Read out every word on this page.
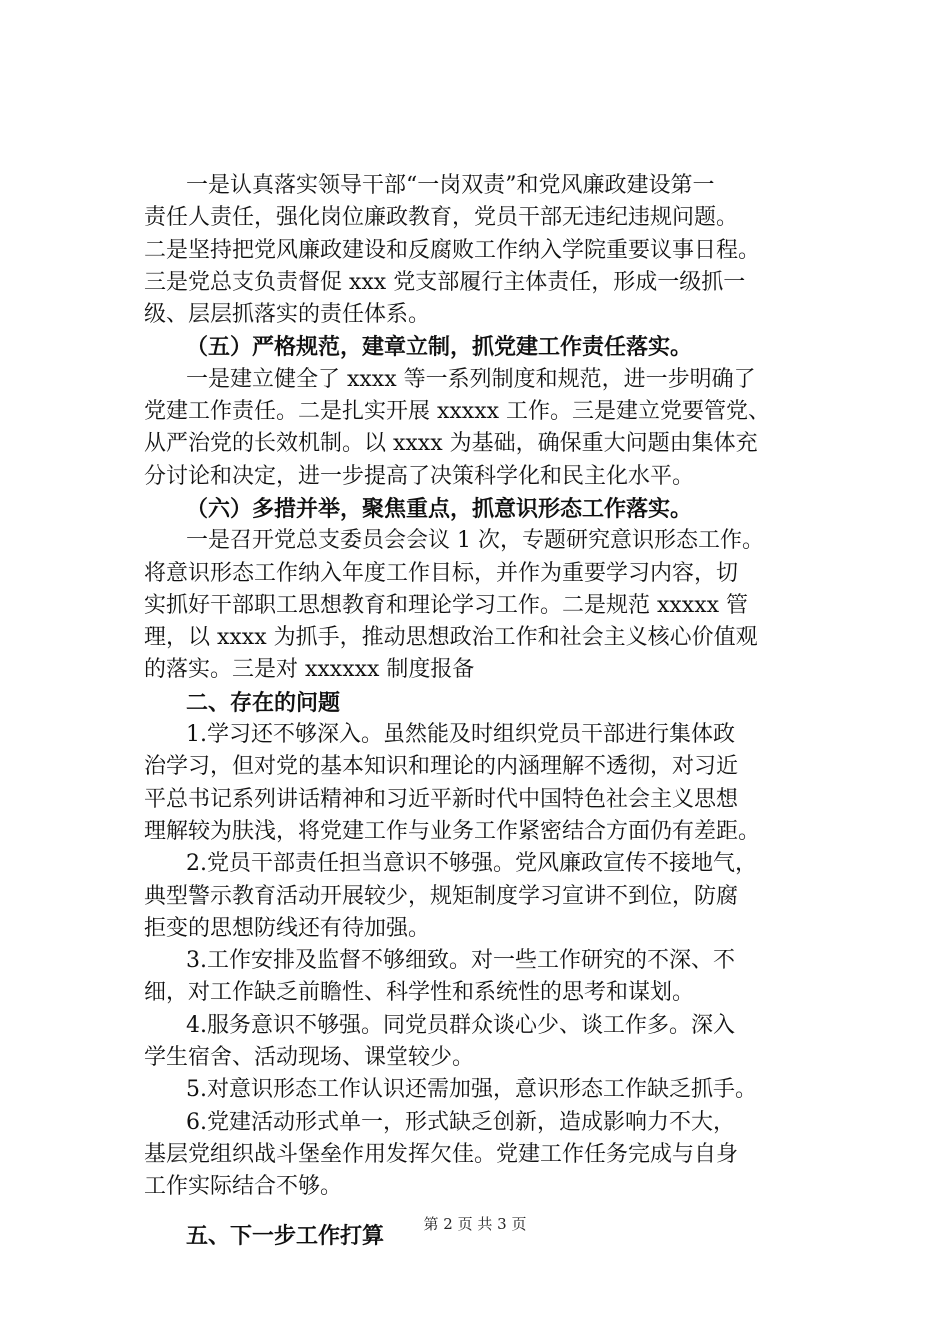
一是认真落实领导干部“一岗双责”和党风廉政建设第一
责任人责任，强化岗位廉政教育，党员干部无违纪违规问题。
二是坚持把党风廉政建设和反腐败工作纳入学院重要议事日程。
三是党总支负责督促 xxx 党支部履行主体责任，形成一级抓一
级、层层抓落实的责任体系。
（五）严格规范，建章立制，抓党建工作责任落实。
一是建立健全了 xxxx 等一系列制度和规范，进一步明确了
党建工作责任。二是扎实开展 xxxxx 工作。三是建立党要管党、
从严治党的长效机制。以 xxxx 为基础，确保重大问题由集体充
分讨论和决定，进一步提高了决策科学化和民主化水平。
（六）多措并举，聚焦重点，抓意识形态工作落实。
一是召开党总支委员会会议 1 次，专题研究意识形态工作。
将意识形态工作纳入年度工作目标，并作为重要学习内容，切
实抓好干部职工思想教育和理论学习工作。二是规范 xxxxx 管
理，以 xxxx 为抓手，推动思想政治工作和社会主义核心价值观
的落实。三是对 xxxxxx 制度报备
二、存在的问题
1.学习还不够深入。虽然能及时组织党员干部进行集体政
治学习，但对党的基本知识和理论的内涵理解不透彻，对习近
平总书记系列讲话精神和习近平新时代中国特色社会主义思想
理解较为肤浅，将党建工作与业务工作紧密结合方面仍有差距。
2.党员干部责任担当意识不够强。党风廉政宣传不接地气，
典型警示教育活动开展较少，规矩制度学习宣讲不到位，防腐
拒变的思想防线还有待加强。
3.工作安排及监督不够细致。对一些工作研究的不深、不
细，对工作缺乏前瞻性、科学性和系统性的思考和谋划。
4.服务意识不够强。同党员群众谈心少、谈工作多。深入
学生宿舍、活动现场、课堂较少。
5.对意识形态工作认识还需加强，意识形态工作缺乏抓手。
6.党建活动形式单一，形式缺乏创新，造成影响力不大，
基层党组织战斗堡垒作用发挥欠佳。党建工作任务完成与自身
工作实际结合不够。
五、下一步工作打算	第 2 页 共 3 页
